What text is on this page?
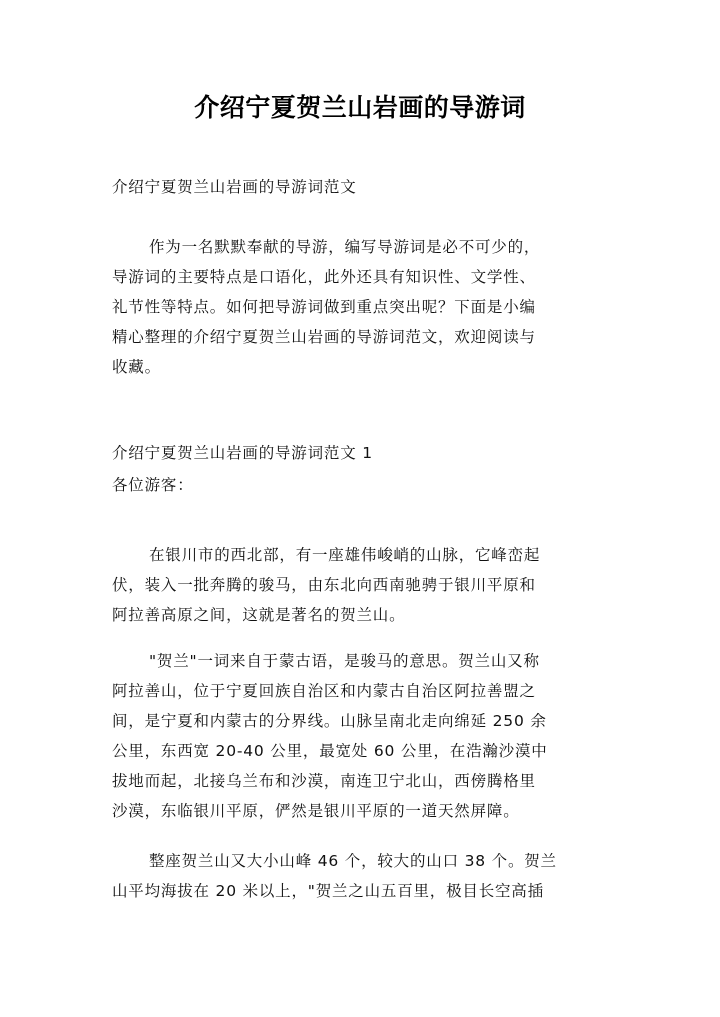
介绍宁夏贺兰山岩画的导游词

介绍宁夏贺兰山岩画的导游词范文

作为一名默默奉献的导游，编写导游词是必不可少的，
导游词的主要特点是口语化，此外还具有知识性、文学性、
礼节性等特点。如何把导游词做到重点突出呢？下面是小编
精心整理的介绍宁夏贺兰山岩画的导游词范文，欢迎阅读与
收藏。

介绍宁夏贺兰山岩画的导游词范文 1

各位游客：

在银川市的西北部，有一座雄伟峻峭的山脉，它峰峦起
伏，装入一批奔腾的骏马，由东北向西南驰骋于银川平原和
阿拉善高原之间，这就是著名的贺兰山。
"贺兰"一词来自于蒙古语，是骏马的意思。贺兰山又称
阿拉善山，位于宁夏回族自治区和内蒙古自治区阿拉善盟之
间，是宁夏和内蒙古的分界线。山脉呈南北走向绵延 250 余
公里，东西宽 20-40 公里，最宽处 60 公里，在浩瀚沙漠中
拔地而起，北接乌兰布和沙漠，南连卫宁北山，西傍腾格里
沙漠，东临银川平原，俨然是银川平原的一道天然屏障。
整座贺兰山又大小山峰 46 个，较大的山口 38 个。贺兰
山平均海拔在 20 米以上，"贺兰之山五百里，极目长空高插
